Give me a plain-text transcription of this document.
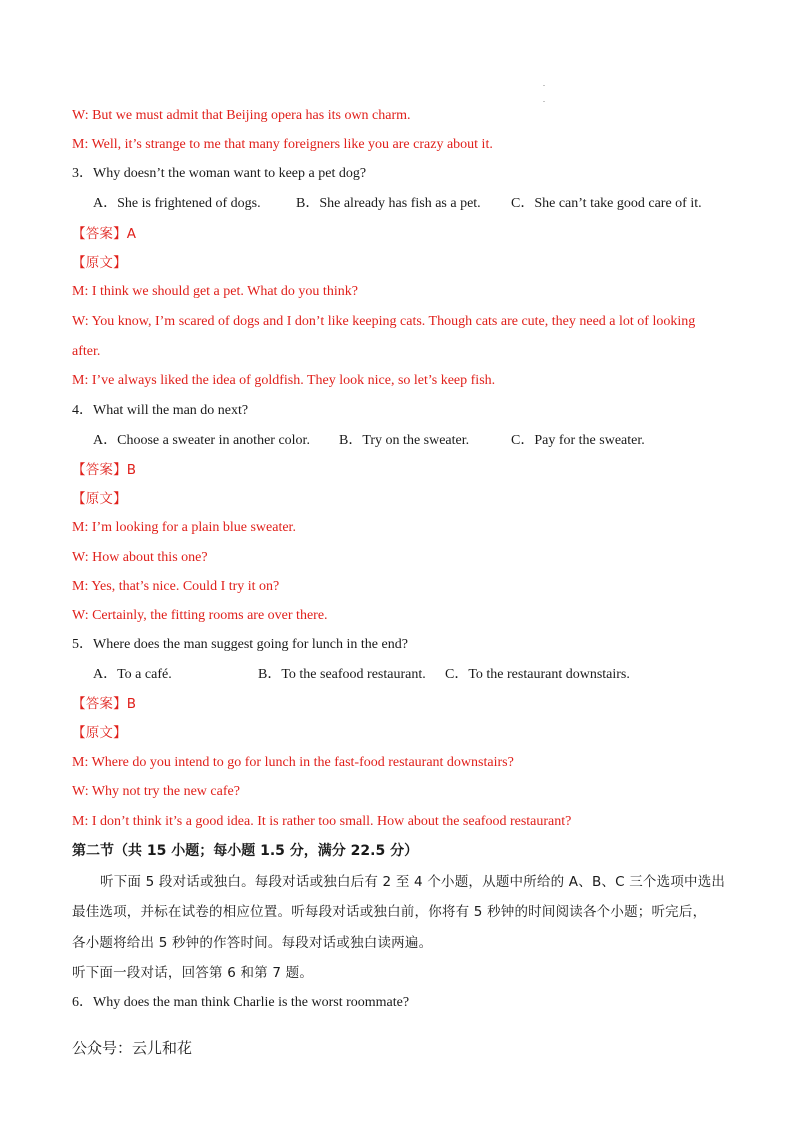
.
.
W: But we must admit that Beijing opera has its own charm.
M: Well, it’s strange to me that many foreigners like you are crazy about it.
3．Why doesn’t the woman want to keep a pet dog?
A．She is frightened of dogs.	B．She already has fish as a pet. C．She can’t take good care of it.
【答案】A
【原文】
M: I think we should get a pet. What do you think?
W: You know, I’m scared of dogs and I don’t like keeping cats. Though cats are cute, they need a lot of looking
after.
M: I’ve always liked the idea of goldfish. They look nice, so let’s keep fish.
4．What will the man do next?
A．Choose a sweater in another color. B．Try on the sweater.	C．Pay for the sweater.
【答案】B
【原文】
M: I’m looking for a plain blue sweater.
W: How about this one?
M: Yes, that’s nice. Could I try it on?
W: Certainly, the fitting rooms are over there.
5．Where does the man suggest going for lunch in the end?
A．To a café.	B．To the seafood restaurant. C．To the restaurant downstairs.
【答案】B
【原文】
M: Where do you intend to go for lunch in the fast-food restaurant downstairs?
W: Why not try the new cafe?
M: I don’t think it’s a good idea. It is rather too small. How about the seafood restaurant?
第二节（共 15 小题；每小题 1.5 分，满分 22.5 分）
听下面 5 段对话或独白。每段对话或独白后有 2 至 4 个小题，从题中所给的 A、B、C 三个选项中选出
最佳选项，并标在试卷的相应位置。听每段对话或独白前，你将有 5 秒钟的时间阅读各个小题；听完后，
各小题将给出 5 秒钟的作答时间。每段对话或独白读两遍。
听下面一段对话，回答第 6 和第 7 题。
6．Why does the man think Charlie is the worst roommate?
公众号：云儿和花
